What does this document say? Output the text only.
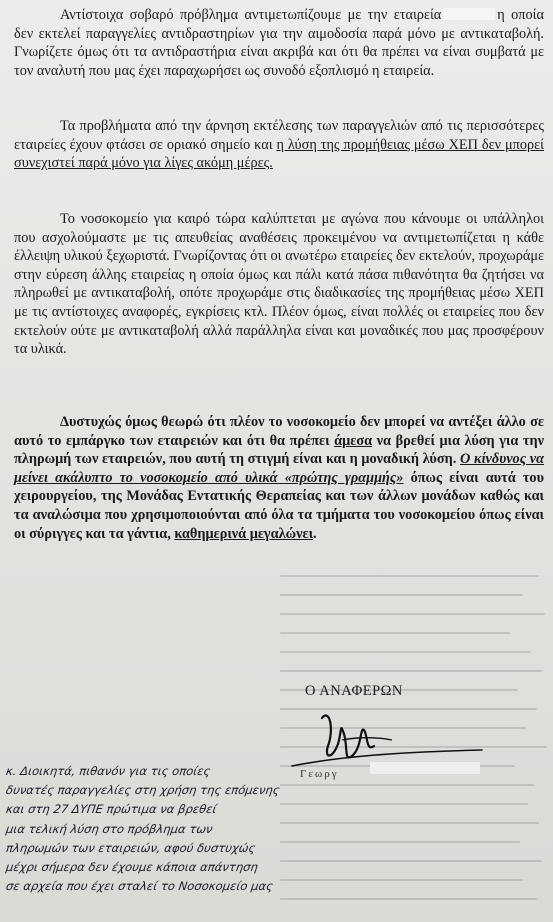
Αντίστοιχα σοβαρό πρόβλημα αντιμετωπίζουμε με την εταιρεία	η οποία δεν εκτελεί παραγγελίες αντιδραστηρίων για την αιμοδοσία παρά μόνο με αντικαταβολή. Γνωρίζετε όμως ότι τα αντιδραστήρια είναι ακριβά και ότι θα πρέπει να είναι συμβατά με τον αναλυτή που μας έχει παραχωρήσει ως συνοδό εξοπλισμό η εταιρεία.

Τα προβλήματα από την άρνηση εκτέλεσης των παραγγελιών από τις περισσότερες εταιρείες έχουν φτάσει σε οριακό σημείο και η λύση της προμήθειας μέσω ΧΕΠ δεν μπορεί συνεχιστεί παρά μόνο για λίγες ακόμη μέρες.

Το νοσοκομείο για καιρό τώρα καλύπτεται με αγώνα που κάνουμε οι υπάλληλοι που ασχολούμαστε με τις απευθείας αναθέσεις προκειμένου να αντιμετωπίζεται η κάθε έλλειψη υλικού ξεχωριστά. Γνωρίζοντας ότι οι ανωτέρω εταιρείες δεν εκτελούν, προχωράμε στην εύρεση άλλης εταιρείας η οποία όμως και πάλι κατά πάσα πιθανότητα θα ζητήσει να πληρωθεί με αντικαταβολή, οπότε προχωράμε στις διαδικασίες της προμήθειας μέσω ΧΕΠ με τις αντίστοιχες αναφορές, εγκρίσεις κτλ. Πλέον όμως, είναι πολλές οι εταιρείες που δεν εκτελούν ούτε με αντικαταβολή αλλά παράλληλα είναι και μοναδικές που μας προσφέρουν τα υλικά.

Δυστυχώς όμως θεωρώ ότι πλέον το νοσοκομείο δεν μπορεί να αντέξει άλλο σε αυτό το εμπάργκο των εταιρειών και ότι θα πρέπει άμεσα να βρεθεί μια λύση για την πληρωμή των εταιρειών, που αυτή τη στιγμή είναι και η μοναδική λύση. Ο κίνδυνος να μείνει ακάλυπτο το νοσοκομείο από υλικά «πρώτης γραμμής» όπως είναι αυτά του χειρουργείου, της Μονάδας Εντατικής Θεραπείας και των άλλων μονάδων καθώς και τα αναλώσιμα που χρησιμοποιούνται από όλα τα τμήματα του νοσοκομείου όπως είναι οι σύριγγες και τα γάντια, καθημερινά μεγαλώνει.

Ο ΑΝΑΦΕΡΩΝ
Γεωργ
κ. Διοικητά, πιθανόν για τις οποίες
δυνατές παραγγελίες στη χρήση της επόμενης
και στη 27 ΔΥΠΕ πρώτιμα να βρεθεί
μια τελική λύση στο πρόβλημα των
πληρωμών των εταιρειών, αφού δυστυχώς
μέχρι σήμερα δεν έχουμε κάποια απάντηση
σε αρχεία που έχει σταλεί το Νοσοκομείο μας
